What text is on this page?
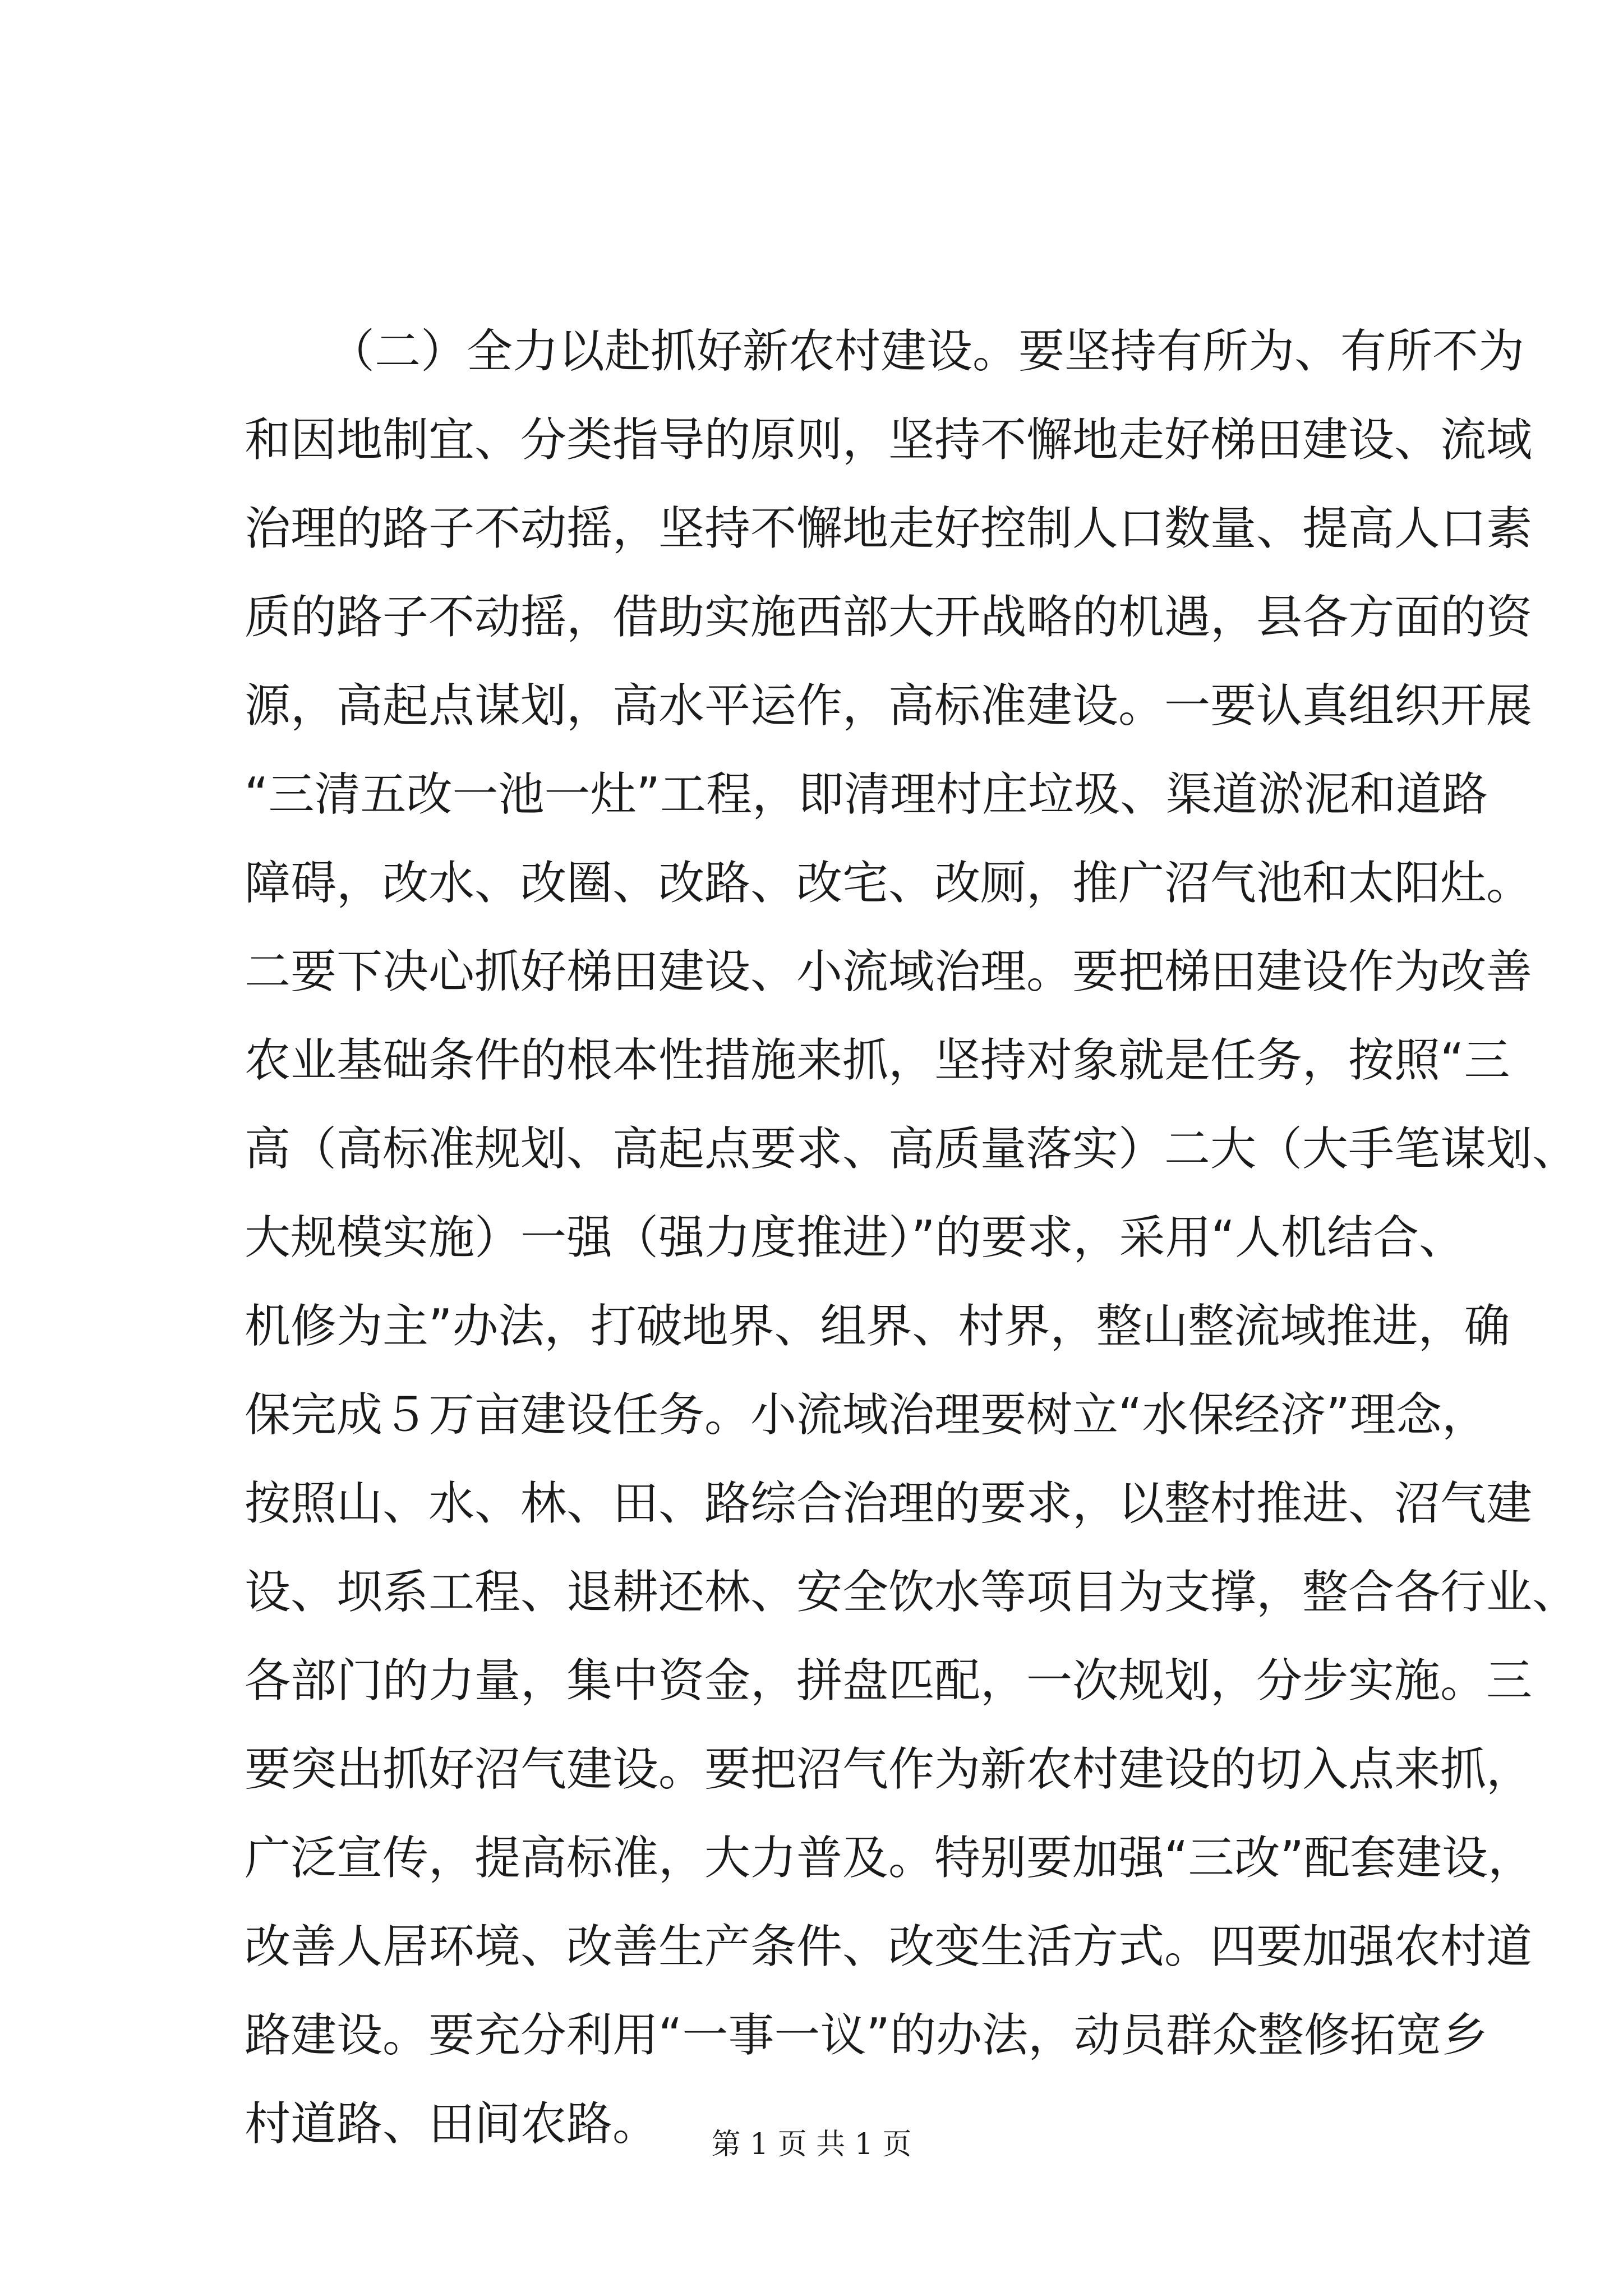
（二）全力以赴抓好新农村建设。要坚持有所为、有所不为
和因地制宜、分类指导的原则，坚持不懈地走好梯田建设、流域
治理的路子不动摇，坚持不懈地走好控制人口数量、提高人口素
质的路子不动摇，借助实施西部大开战略的机遇，县各方面的资
源，高起点谋划，高水平运作，高标准建设。一要认真组织开展
“三清五改一池一灶”工程，即清理村庄垃圾、渠道淤泥和道路
障碍，改水、改圈、改路、改宅、改厕，推广沼气池和太阳灶。
二要下决心抓好梯田建设、小流域治理。要把梯田建设作为改善
农业基础条件的根本性措施来抓，坚持对象就是任务，按照“三
高（高标准规划、高起点要求、高质量落实）二大（大手笔谋划、
大规模实施）一强（强力度推进）”的要求，采用“人机结合、
机修为主”办法，打破地界、组界、村界，整山整流域推进，确
保完成５万亩建设任务。小流域治理要树立“水保经济”理念，
按照山、水、林、田、路综合治理的要求，以整村推进、沼气建
设、坝系工程、退耕还林、安全饮水等项目为支撑，整合各行业、
各部门的力量，集中资金，拼盘匹配，一次规划，分步实施。三
要突出抓好沼气建设。要把沼气作为新农村建设的切入点来抓，
广泛宣传，提高标准，大力普及。特别要加强“三改”配套建设，
改善人居环境、改善生产条件、改变生活方式。四要加强农村道
路建设。要充分利用“一事一议”的办法，动员群众整修拓宽乡
村道路、田间农路。	第 1 页 共 1 页
